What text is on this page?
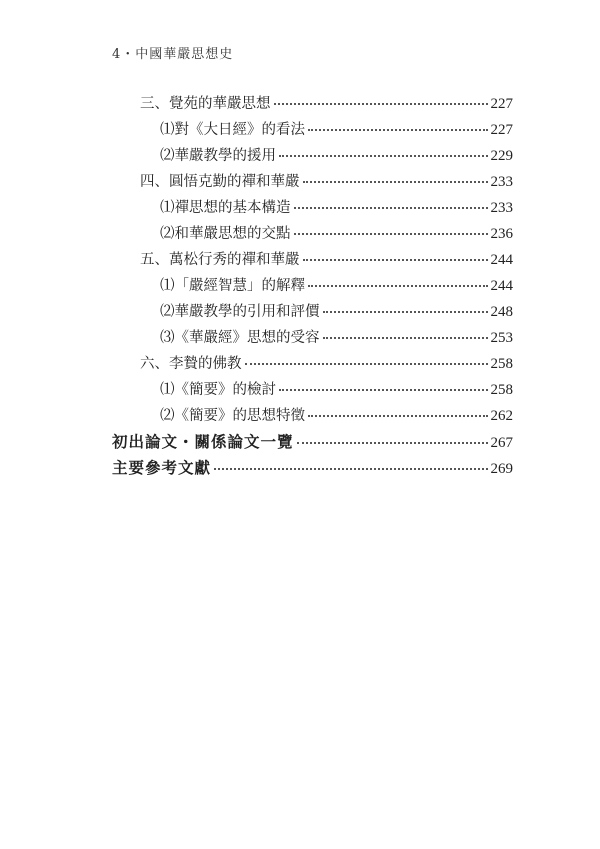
4・中國華嚴思想史
三、覺苑的華嚴思想	227
⑴對《大日經》的看法	227
⑵華嚴教學的援用	229
四、圓悟克勤的禪和華嚴	233
⑴禪思想的基本構造	233
⑵和華嚴思想的交點	236
五、萬松行秀的禪和華嚴	244
⑴「嚴經智慧」的解釋	244
⑵華嚴教學的引用和評價	248
⑶《華嚴經》思想的受容	253
六、李贄的佛教	258
⑴《簡要》的檢討	258
⑵《簡要》的思想特徵	262
初出論文・關係論文一覽	267
主要參考文獻	269
